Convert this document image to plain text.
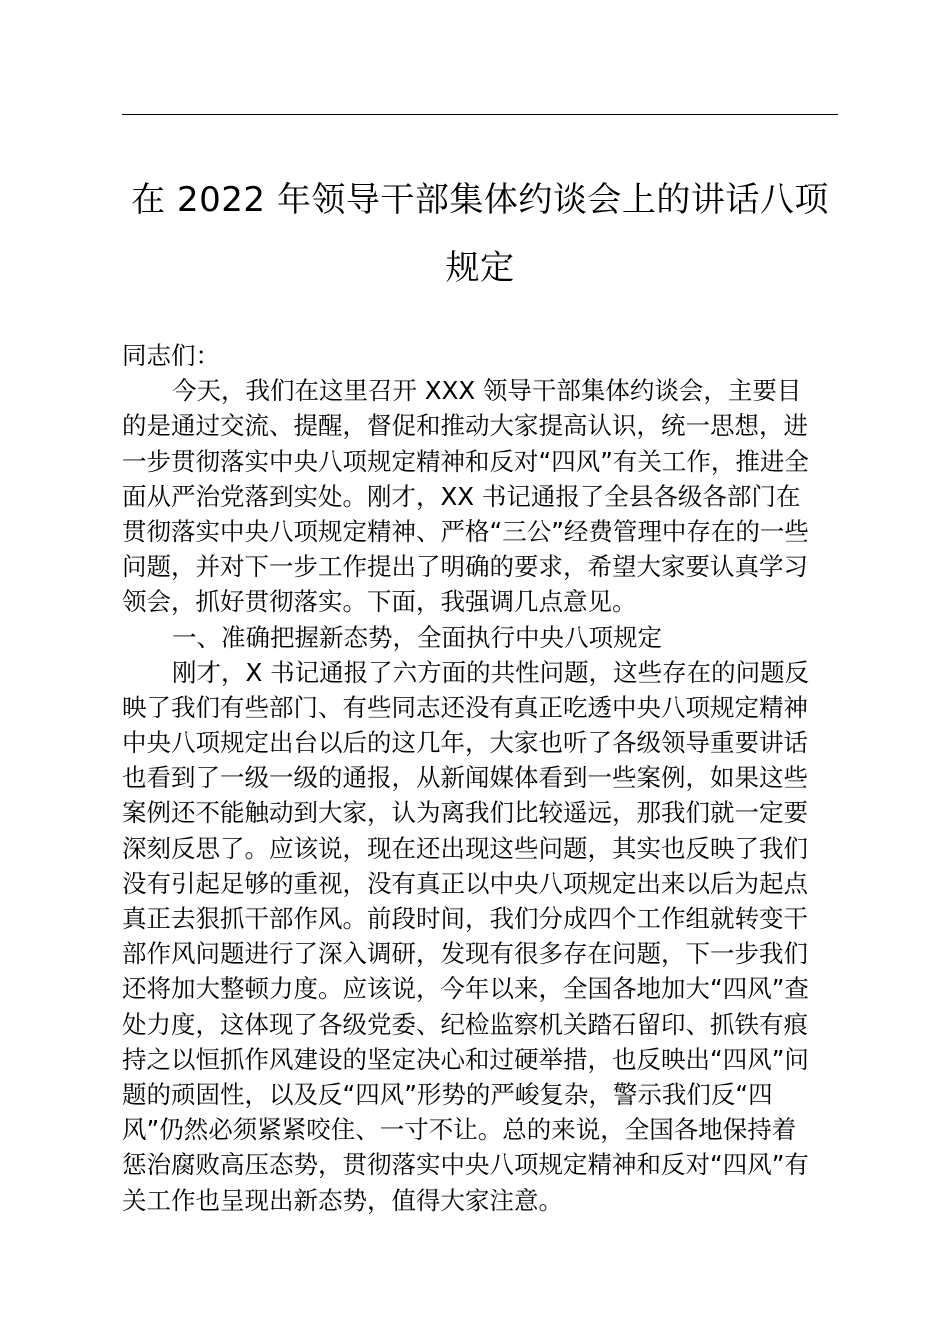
在 2022 年领导干部集体约谈会上的讲话八项
规定
同志们：
今天，我们在这里召开 XXX 领导干部集体约谈会，主要目
的是通过交流、提醒，督促和推动大家提高认识，统一思想，进
一步贯彻落实中央八项规定精神和反对“四风”有关工作，推进全
面从严治党落到实处。刚才，XX 书记通报了全县各级各部门在
贯彻落实中央八项规定精神、严格“三公”经费管理中存在的一些
问题，并对下一步工作提出了明确的要求，希望大家要认真学习
领会，抓好贯彻落实。下面，我强调几点意见。
一、准确把握新态势，全面执行中央八项规定
刚才，X 书记通报了六方面的共性问题，这些存在的问题反
映了我们有些部门、有些同志还没有真正吃透中央八项规定精神
中央八项规定出台以后的这几年，大家也听了各级领导重要讲话
也看到了一级一级的通报，从新闻媒体看到一些案例，如果这些
案例还不能触动到大家，认为离我们比较遥远，那我们就一定要
深刻反思了。应该说，现在还出现这些问题，其实也反映了我们
没有引起足够的重视，没有真正以中央八项规定出来以后为起点
真正去狠抓干部作风。前段时间，我们分成四个工作组就转变干
部作风问题进行了深入调研，发现有很多存在问题，下一步我们
还将加大整顿力度。应该说，今年以来，全国各地加大“四风”查
处力度，这体现了各级党委、纪检监察机关踏石留印、抓铁有痕
持之以恒抓作风建设的坚定决心和过硬举措，也反映出“四风”问
题的顽固性，以及反“四风”形势的严峻复杂，警示我们反“四
风”仍然必须紧紧咬住、一寸不让。总的来说，全国各地保持着
惩治腐败高压态势，贯彻落实中央八项规定精神和反对“四风”有
关工作也呈现出新态势，值得大家注意。
